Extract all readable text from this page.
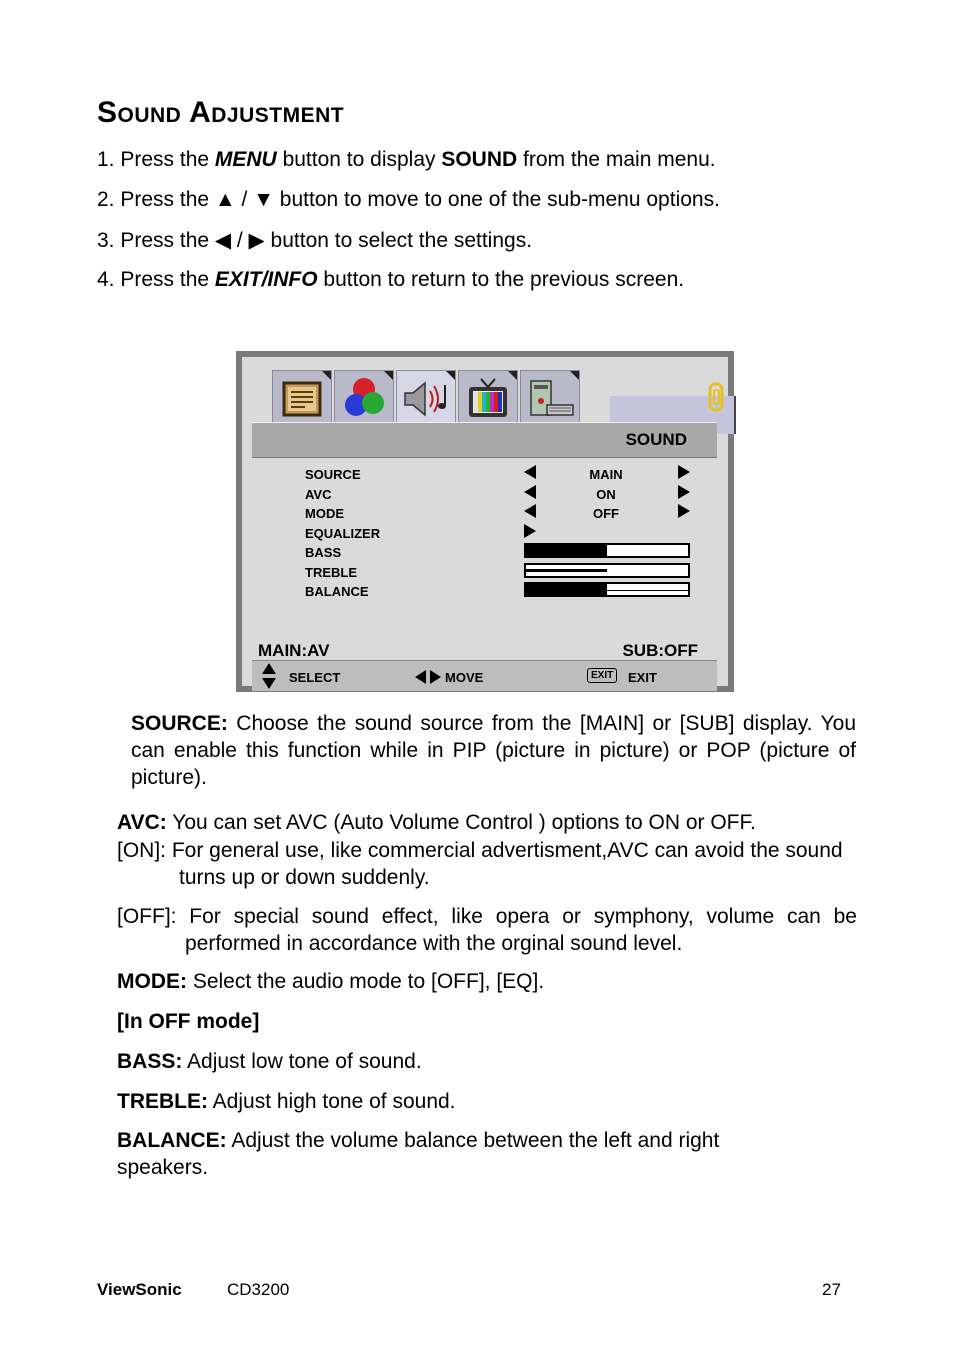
Sound Adjustment
1. Press the MENU button to display SOUND from the main menu.
2. Press the ▲ / ▼ button to move to one of the sub-menu options.
3. Press the ◀ / ▶ button to select the settings.
4. Press the EXIT/INFO button to return to the previous screen.
SOUND
SOURCE	MAIN
AVC	ON
MODE	OFF
EQUALIZER
BASS
TREBLE
BALANCE
MAIN:AV	SUB:OFF
SELECT	MOVE	EXIT	EXIT
SOURCE: Choose the sound source from the [MAIN] or [SUB] display. You can enable this function while in PIP (picture in picture) or POP (picture of picture).
AVC: You can set AVC (Auto Volume Control ) options to ON or OFF.
[ON]: For general use, like commercial advertisment,AVC can avoid the sound turns up or down suddenly.
[OFF]: For special sound effect, like opera or symphony, volume can be performed in accordance with the orginal sound level.
MODE: Select the audio mode to [OFF], [EQ].
[In OFF mode]
BASS: Adjust low tone of sound.
TREBLE: Adjust high tone of sound.
BALANCE: Adjust the volume balance between the left and right speakers.
ViewSonic	CD3200	27
